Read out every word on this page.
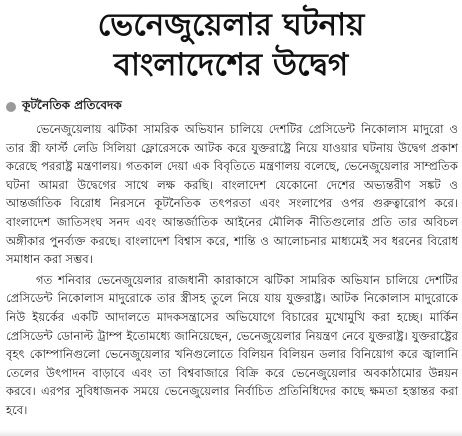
ভেনেজুয়েলার ঘটনায়
বাংলাদেশের উদ্বেগ
কূটনৈতিক প্রতিবেদক

ভেনেজুয়েলায় ঝটিকা সামরিক অভিযান চালিয়ে দেশটির প্রেসিডেন্ট নিকোলাস মাদুরো ও তার স্ত্রী ফার্স্ট লেডি সিলিয়া ফ্লোরেসকে আটক করে যুক্তরাষ্ট্রে নিয়ে যাওয়ার ঘটনায় উদ্বেগ প্রকাশ করেছে পররাষ্ট্র মন্ত্রণালয়। গতকাল দেয়া এক বিবৃতিতে মন্ত্রণালয় বলেছে, ভেনেজুয়েলার সাম্প্রতিক ঘটনা আমরা উদ্বেগের সাথে লক্ষ করছি। বাংলাদেশ যেকোনো দেশের অভ্যন্তরীণ সঙ্কট ও আন্তর্জাতিক বিরোধ নিরসনে কূটনৈতিক তৎপরতা এবং সংলাপের ওপর গুরুত্বারোপ করে। বাংলাদেশ জাতিসংঘ সনদ এবং আন্তর্জাতিক আইনের মৌলিক নীতিগুলোর প্রতি তার অবিচল অঙ্গীকার পুনর্ব্যক্ত করছে। বাংলাদেশ বিশ্বাস করে, শান্তি ও আলোচনার মাধ্যমেই সব ধরনের বিরোধ সমাধান করা সম্ভব।

গত শনিবার ভেনেজুয়েলার রাজধানী কারাকাসে ঝটিকা সামরিক অভিযান চালিয়ে দেশটির প্রেসিডেন্ট নিকোলাস মাদুরোকে তার স্ত্রীসহ তুলে নিয়ে যায় যুক্তরাষ্ট্র। আটক নিকোলাস মাদুরোকে নিউ ইয়র্কের একটি আদালতে মাদকসন্ত্রাসের অভিযোগে বিচারের মুখোমুখি করা হচ্ছে। মার্কিন প্রেসিডেন্ট ডোনাল্ট ট্রাম্প ইতোমধ্যে জানিয়েছেন, ভেনেজুয়েলার নিয়ন্ত্রণ নেবে যুক্তরাষ্ট্র। যুক্তরাষ্ট্রের বৃহৎ কোম্পানিগুলো ভেনেজুয়েলার খনিগুলোতে বিলিয়ন বিলিয়ন ডলার বিনিয়োগ করে জ্বালানি তেলের উৎপাদন বাড়াবে এবং তা বিশ্ববাজারে বিক্রি করে ভেনেজুয়েলার অবকাঠামোর উন্নয়ন করবে। এরপর সুবিধাজনক সময়ে ভেনেজুয়েলার নির্বাচিত প্রতিনিধিদের কাছে ক্ষমতা হস্তান্তর করা হবে।
